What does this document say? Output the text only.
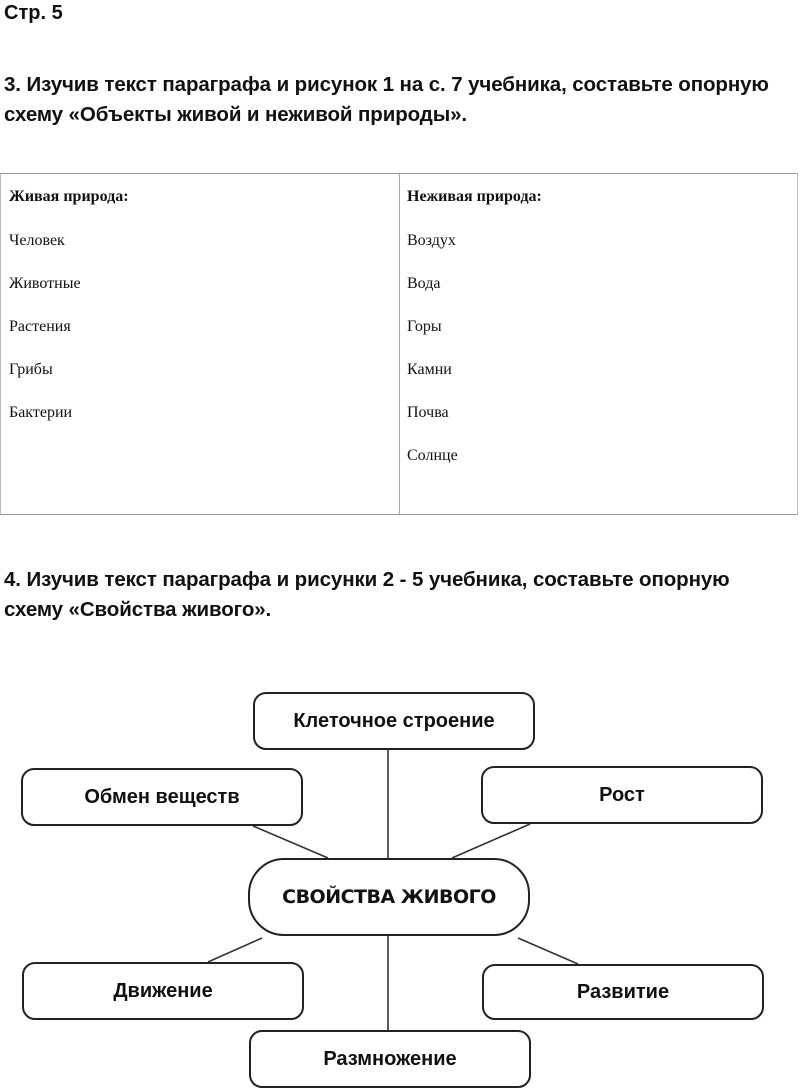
Стр. 5
3. Изучив текст параграфа и рисунок 1 на с. 7 учебника, составьте опорную схему «Объекты живой и неживой природы».
Живая природа:
Человек
Животные
Растения
Грибы
Бактерии
Неживая природа:
Воздух
Вода
Горы
Камни
Почва
Солнце
4. Изучив текст параграфа и рисунки 2 - 5 учебника, составьте опорную схему «Свойства живого».
Клеточное строение
Обмен веществ	Рост
СВОЙСТВА ЖИВОГО
Движение	Развитие
Размножение
